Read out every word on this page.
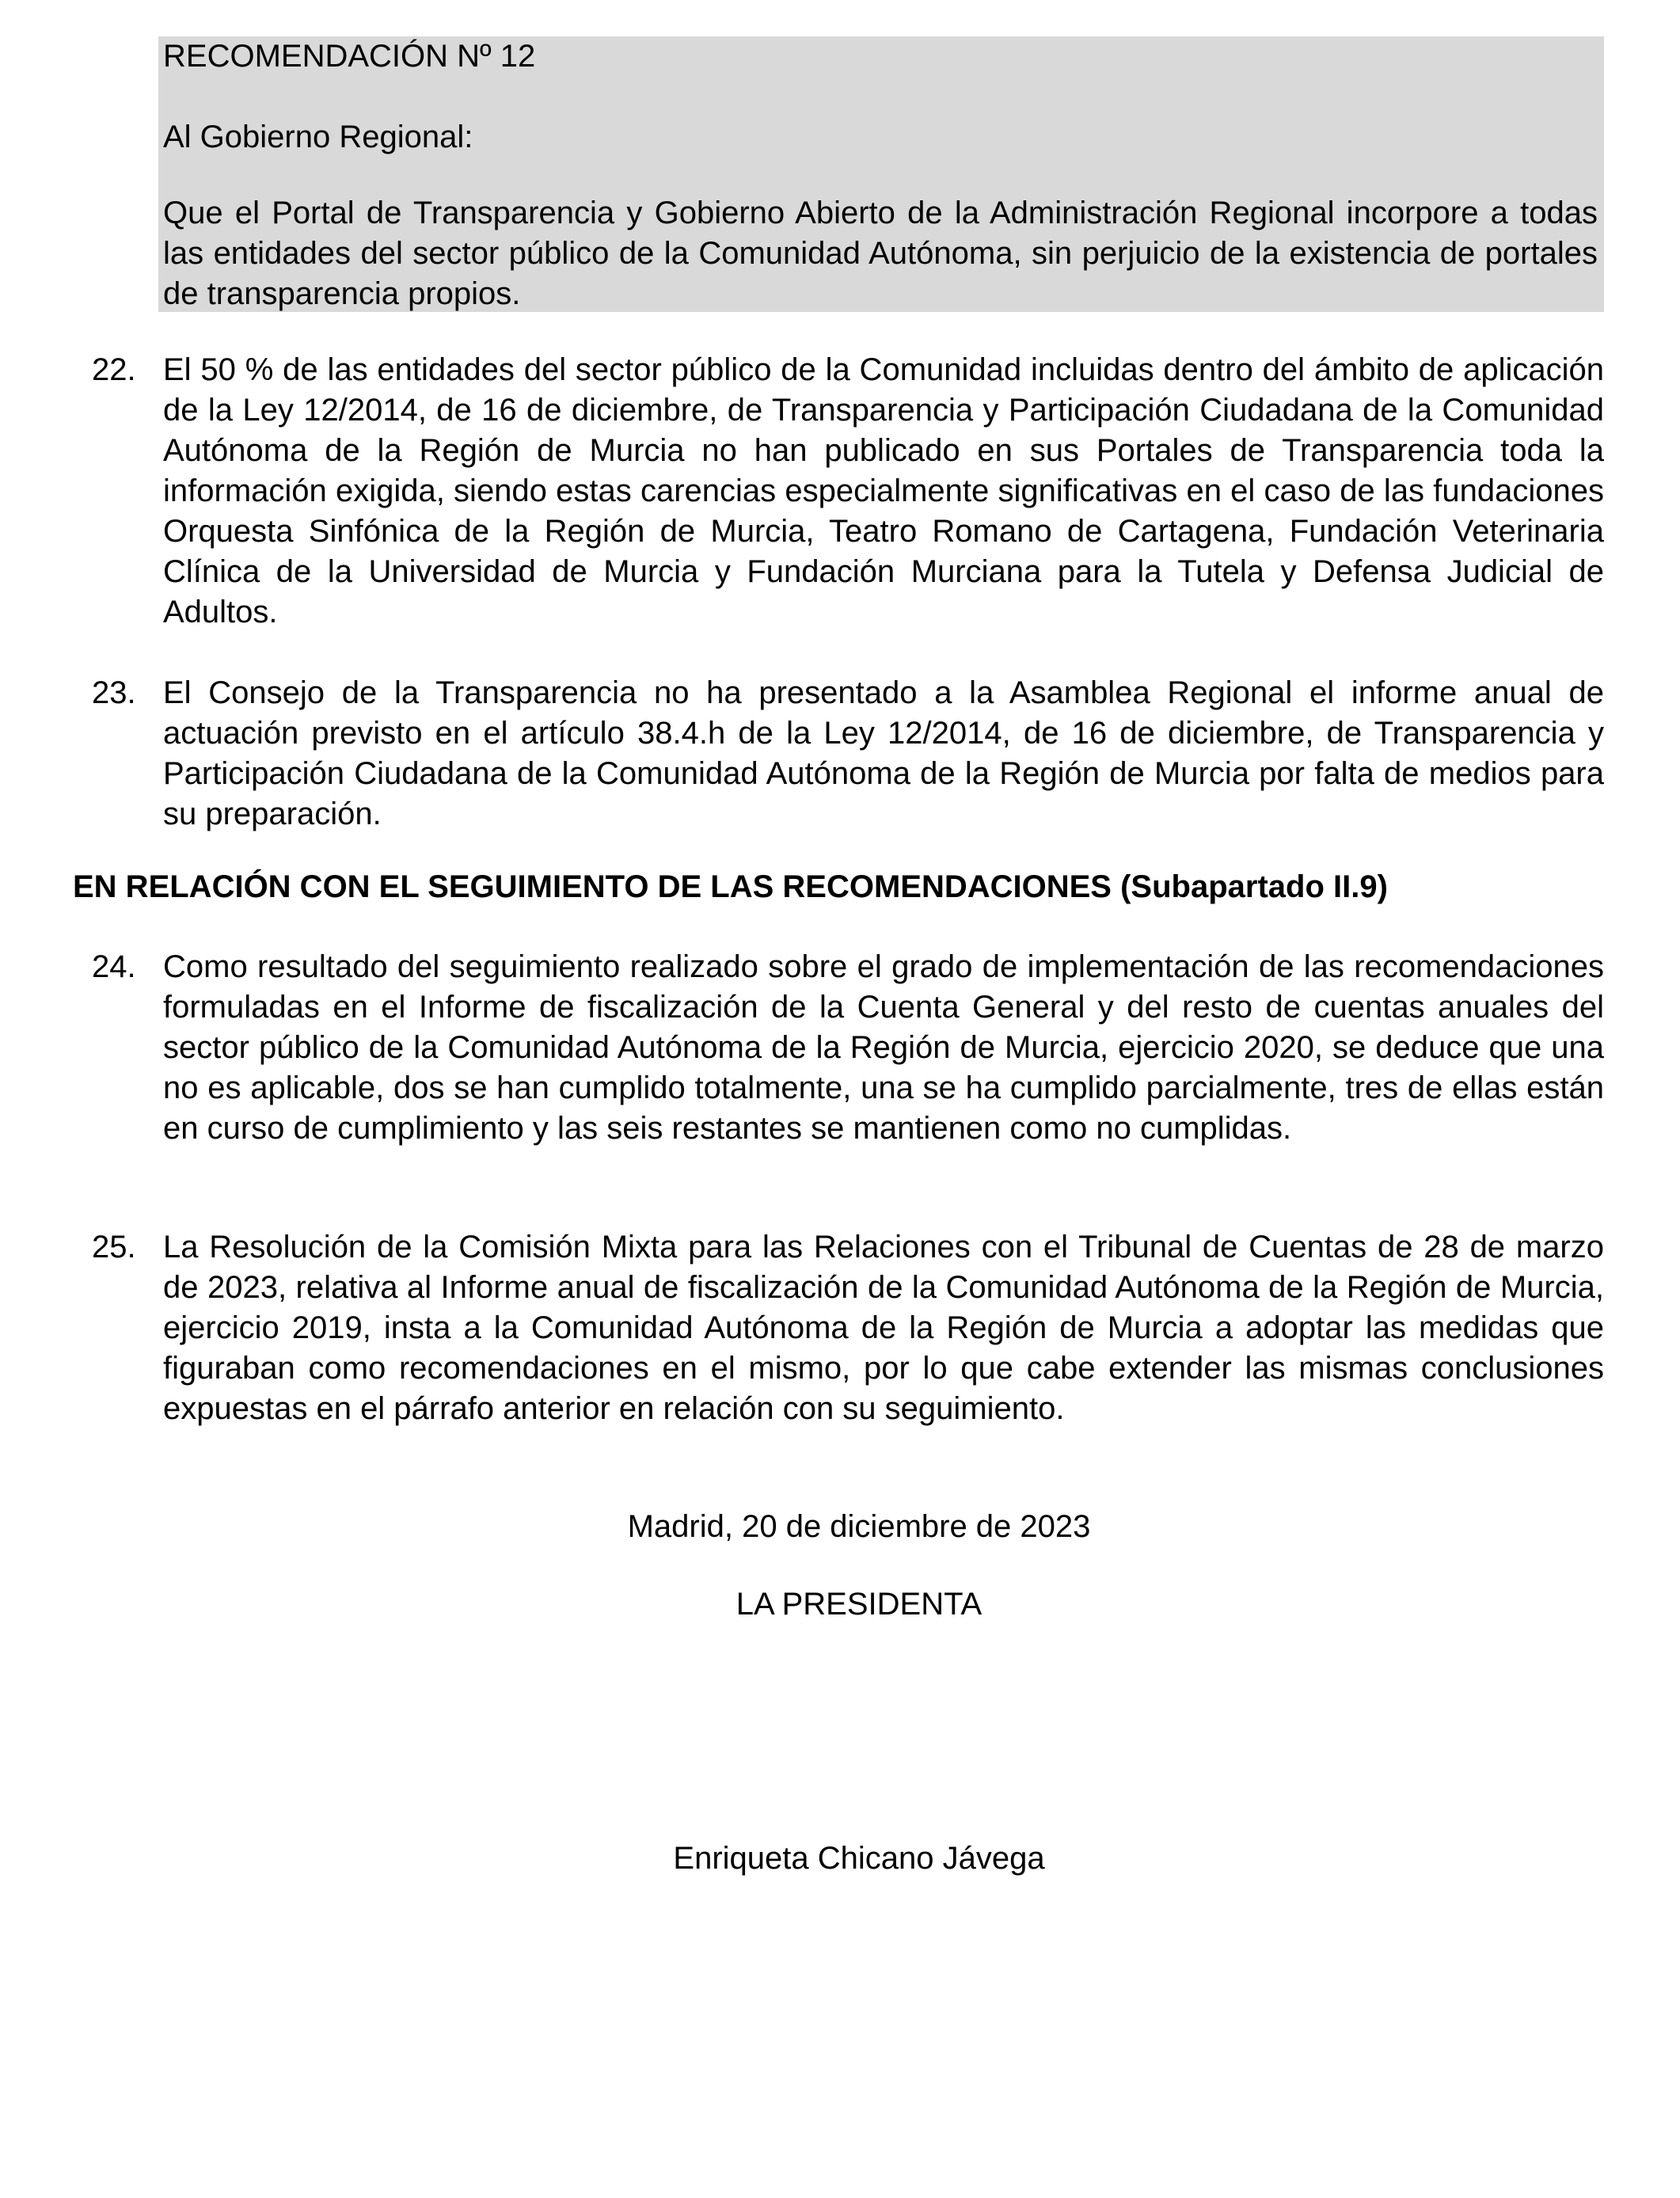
RECOMENDACIÓN Nº 12

Al Gobierno Regional:

Que el Portal de Transparencia y Gobierno Abierto de la Administración Regional incorpore a todas las entidades del sector público de la Comunidad Autónoma, sin perjuicio de la existencia de portales de transparencia propios.

22. El 50 % de las entidades del sector público de la Comunidad incluidas dentro del ámbito de aplicación de la Ley 12/2014, de 16 de diciembre, de Transparencia y Participación Ciudadana de la Comunidad Autónoma de la Región de Murcia no han publicado en sus Portales de Transparencia toda la información exigida, siendo estas carencias especialmente significativas en el caso de las fundaciones Orquesta Sinfónica de la Región de Murcia, Teatro Romano de Cartagena, Fundación Veterinaria Clínica de la Universidad de Murcia y Fundación Murciana para la Tutela y Defensa Judicial de Adultos.

23. El Consejo de la Transparencia no ha presentado a la Asamblea Regional el informe anual de actuación previsto en el artículo 38.4.h de la Ley 12/2014, de 16 de diciembre, de Transparencia y Participación Ciudadana de la Comunidad Autónoma de la Región de Murcia por falta de medios para su preparación.

EN RELACIÓN CON EL SEGUIMIENTO DE LAS RECOMENDACIONES (Subapartado II.9)

24. Como resultado del seguimiento realizado sobre el grado de implementación de las recomendaciones formuladas en el Informe de fiscalización de la Cuenta General y del resto de cuentas anuales del sector público de la Comunidad Autónoma de la Región de Murcia, ejercicio 2020, se deduce que una no es aplicable, dos se han cumplido totalmente, una se ha cumplido parcialmente, tres de ellas están en curso de cumplimiento y las seis restantes se mantienen como no cumplidas.

25. La Resolución de la Comisión Mixta para las Relaciones con el Tribunal de Cuentas de 28 de marzo de 2023, relativa al Informe anual de fiscalización de la Comunidad Autónoma de la Región de Murcia, ejercicio 2019, insta a la Comunidad Autónoma de la Región de Murcia a adoptar las medidas que figuraban como recomendaciones en el mismo, por lo que cabe extender las mismas conclusiones expuestas en el párrafo anterior en relación con su seguimiento.

Madrid, 20 de diciembre de 2023

LA PRESIDENTA

Enriqueta Chicano Jávega
